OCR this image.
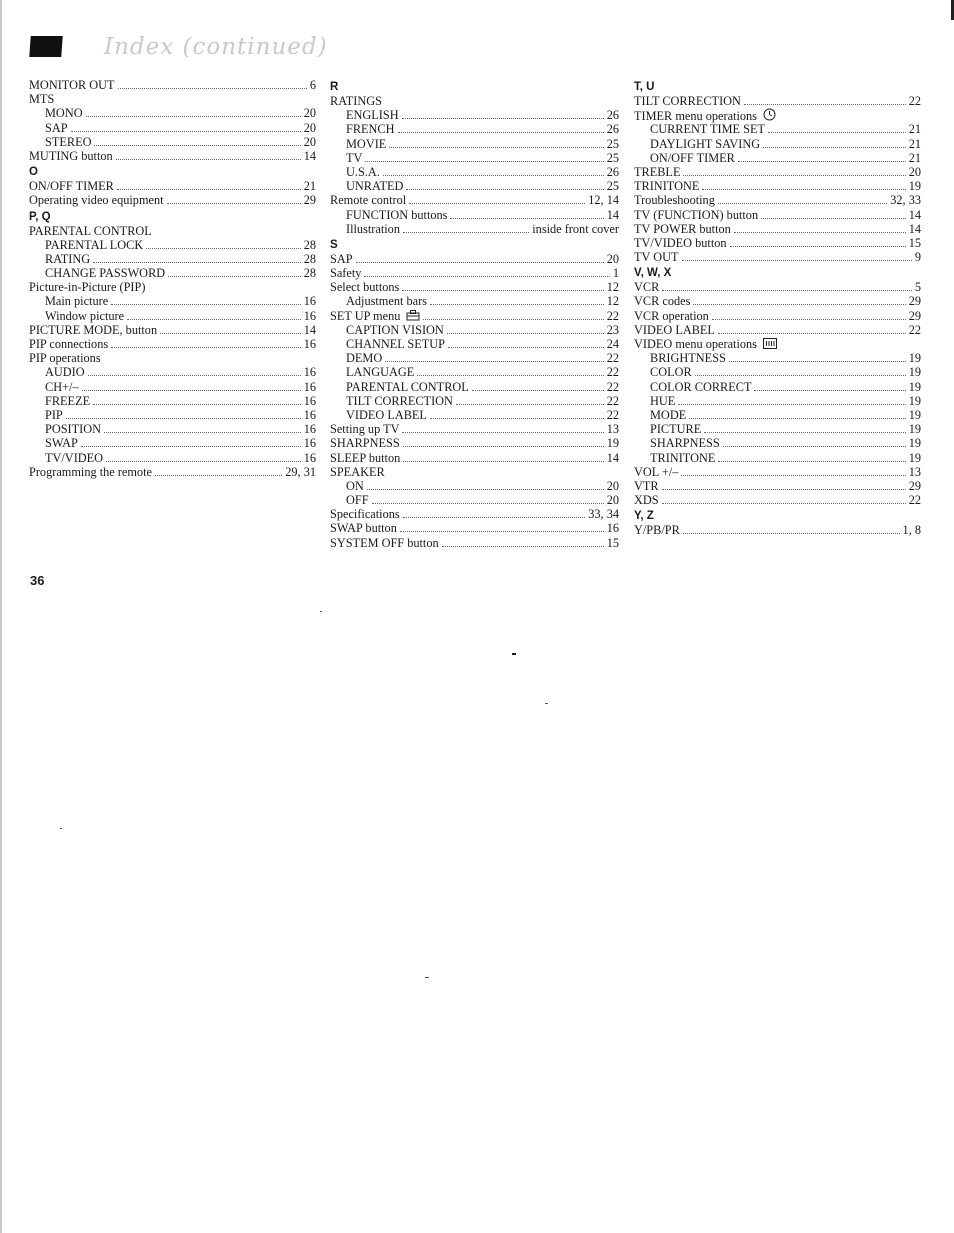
Index (continued)
MONITOR OUT	6
MTS
MONO	20
SAP	20
STEREO	20
MUTING button	14
O
ON/OFF TIMER	21
Operating video equipment	29
P, Q
PARENTAL CONTROL
PARENTAL LOCK	28
RATING	28
CHANGE PASSWORD	28
Picture-in-Picture (PIP)
Main picture	16
Window picture	16
PICTURE MODE, button	14
PIP connections	16
PIP operations
AUDIO	16
CH+/–	16
FREEZE	16
PIP	16
POSITION	16
SWAP	16
TV/VIDEO	16
Programming the remote	29, 31
R
RATINGS
ENGLISH	26
FRENCH	26
MOVIE	25
TV	25
U.S.A.	26
UNRATED	25
Remote control	12, 14
FUNCTION buttons	14
Illustration	inside front cover
S
SAP	20
Safety	1
Select buttons	12
Adjustment bars	12
SET UP menu	22
CAPTION VISION	23
CHANNEL SETUP	24
DEMO	22
LANGUAGE	22
PARENTAL CONTROL	22
TILT CORRECTION	22
VIDEO LABEL	22
Setting up TV	13
SHARPNESS	19
SLEEP button	14
SPEAKER
ON	20
OFF	20
Specifications	33, 34
SWAP button	16
SYSTEM OFF button	15
T, U
TILT CORRECTION	22
TIMER menu operations
CURRENT TIME SET	21
DAYLIGHT SAVING	21
ON/OFF TIMER	21
TREBLE	20
TRINITONE	19
Troubleshooting	32, 33
TV (FUNCTION) button	14
TV POWER button	14
TV/VIDEO button	15
TV OUT	9
V, W, X
VCR	5
VCR codes	29
VCR operation	29
VIDEO LABEL	22
VIDEO menu operations
BRIGHTNESS	19
COLOR	19
COLOR CORRECT	19
HUE	19
MODE	19
PICTURE	19
SHARPNESS	19
TRINITONE	19
VOL +/–	13
VTR	29
XDS	22
Y, Z
Y/PB/PR	1, 8
36
